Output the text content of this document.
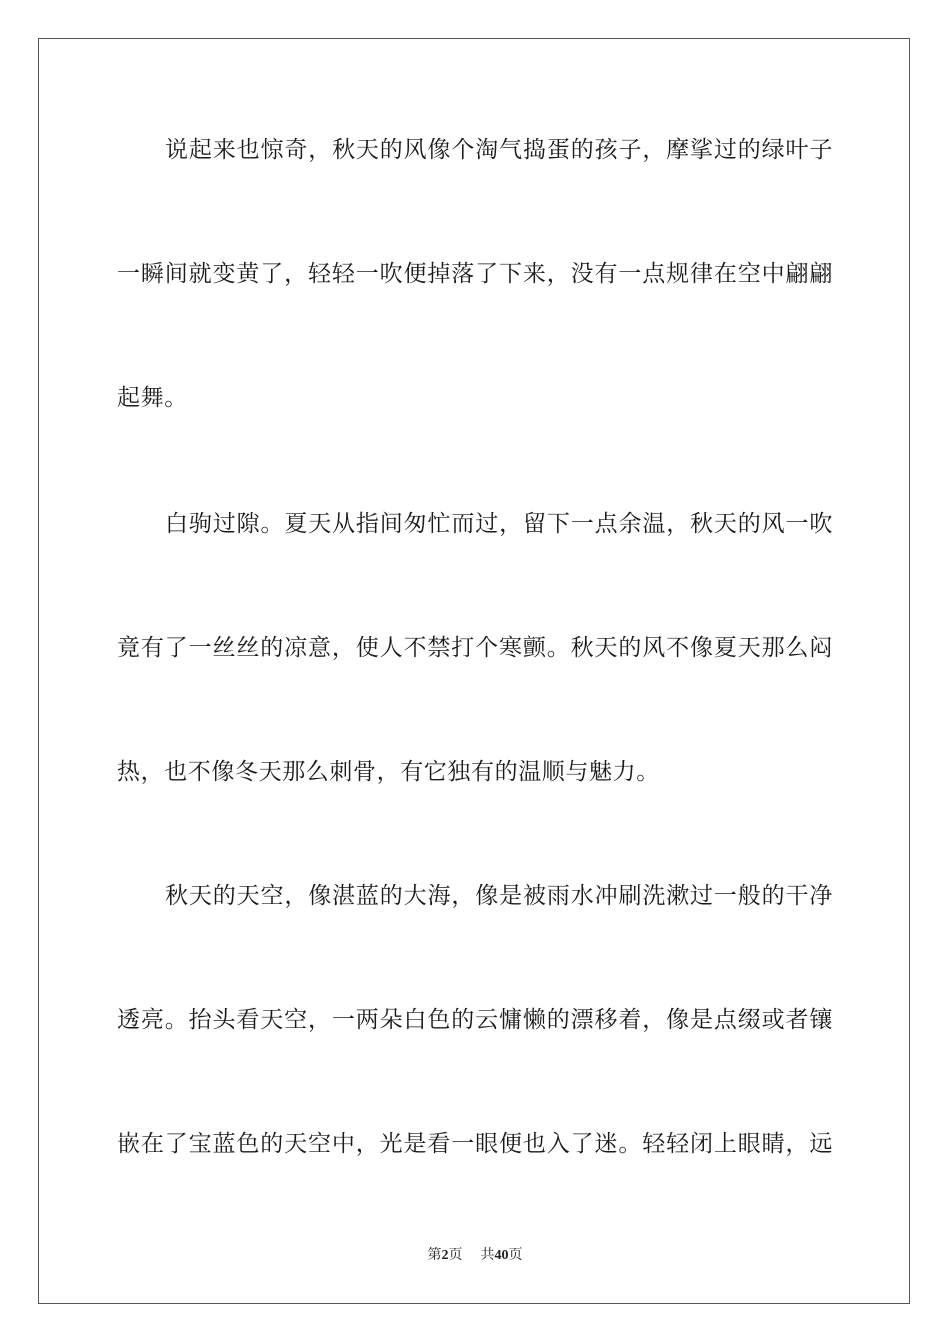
说起来也惊奇，秋天的风像个淘气捣蛋的孩子，摩挲过的绿叶子
一瞬间就变黄了，轻轻一吹便掉落了下来，没有一点规律在空中翩翩
起舞。
白驹过隙。夏天从指间匆忙而过，留下一点余温，秋天的风一吹
竟有了一丝丝的凉意，使人不禁打个寒颤。秋天的风不像夏天那么闷
热，也不像冬天那么刺骨，有它独有的温顺与魅力。
秋天的天空，像湛蓝的大海，像是被雨水冲刷洗漱过一般的干净
透亮。抬头看天空，一两朵白色的云慵懒的漂移着，像是点缀或者镶
嵌在了宝蓝色的天空中，光是看一眼便也入了迷。轻轻闭上眼睛，远
第2页 共40页
